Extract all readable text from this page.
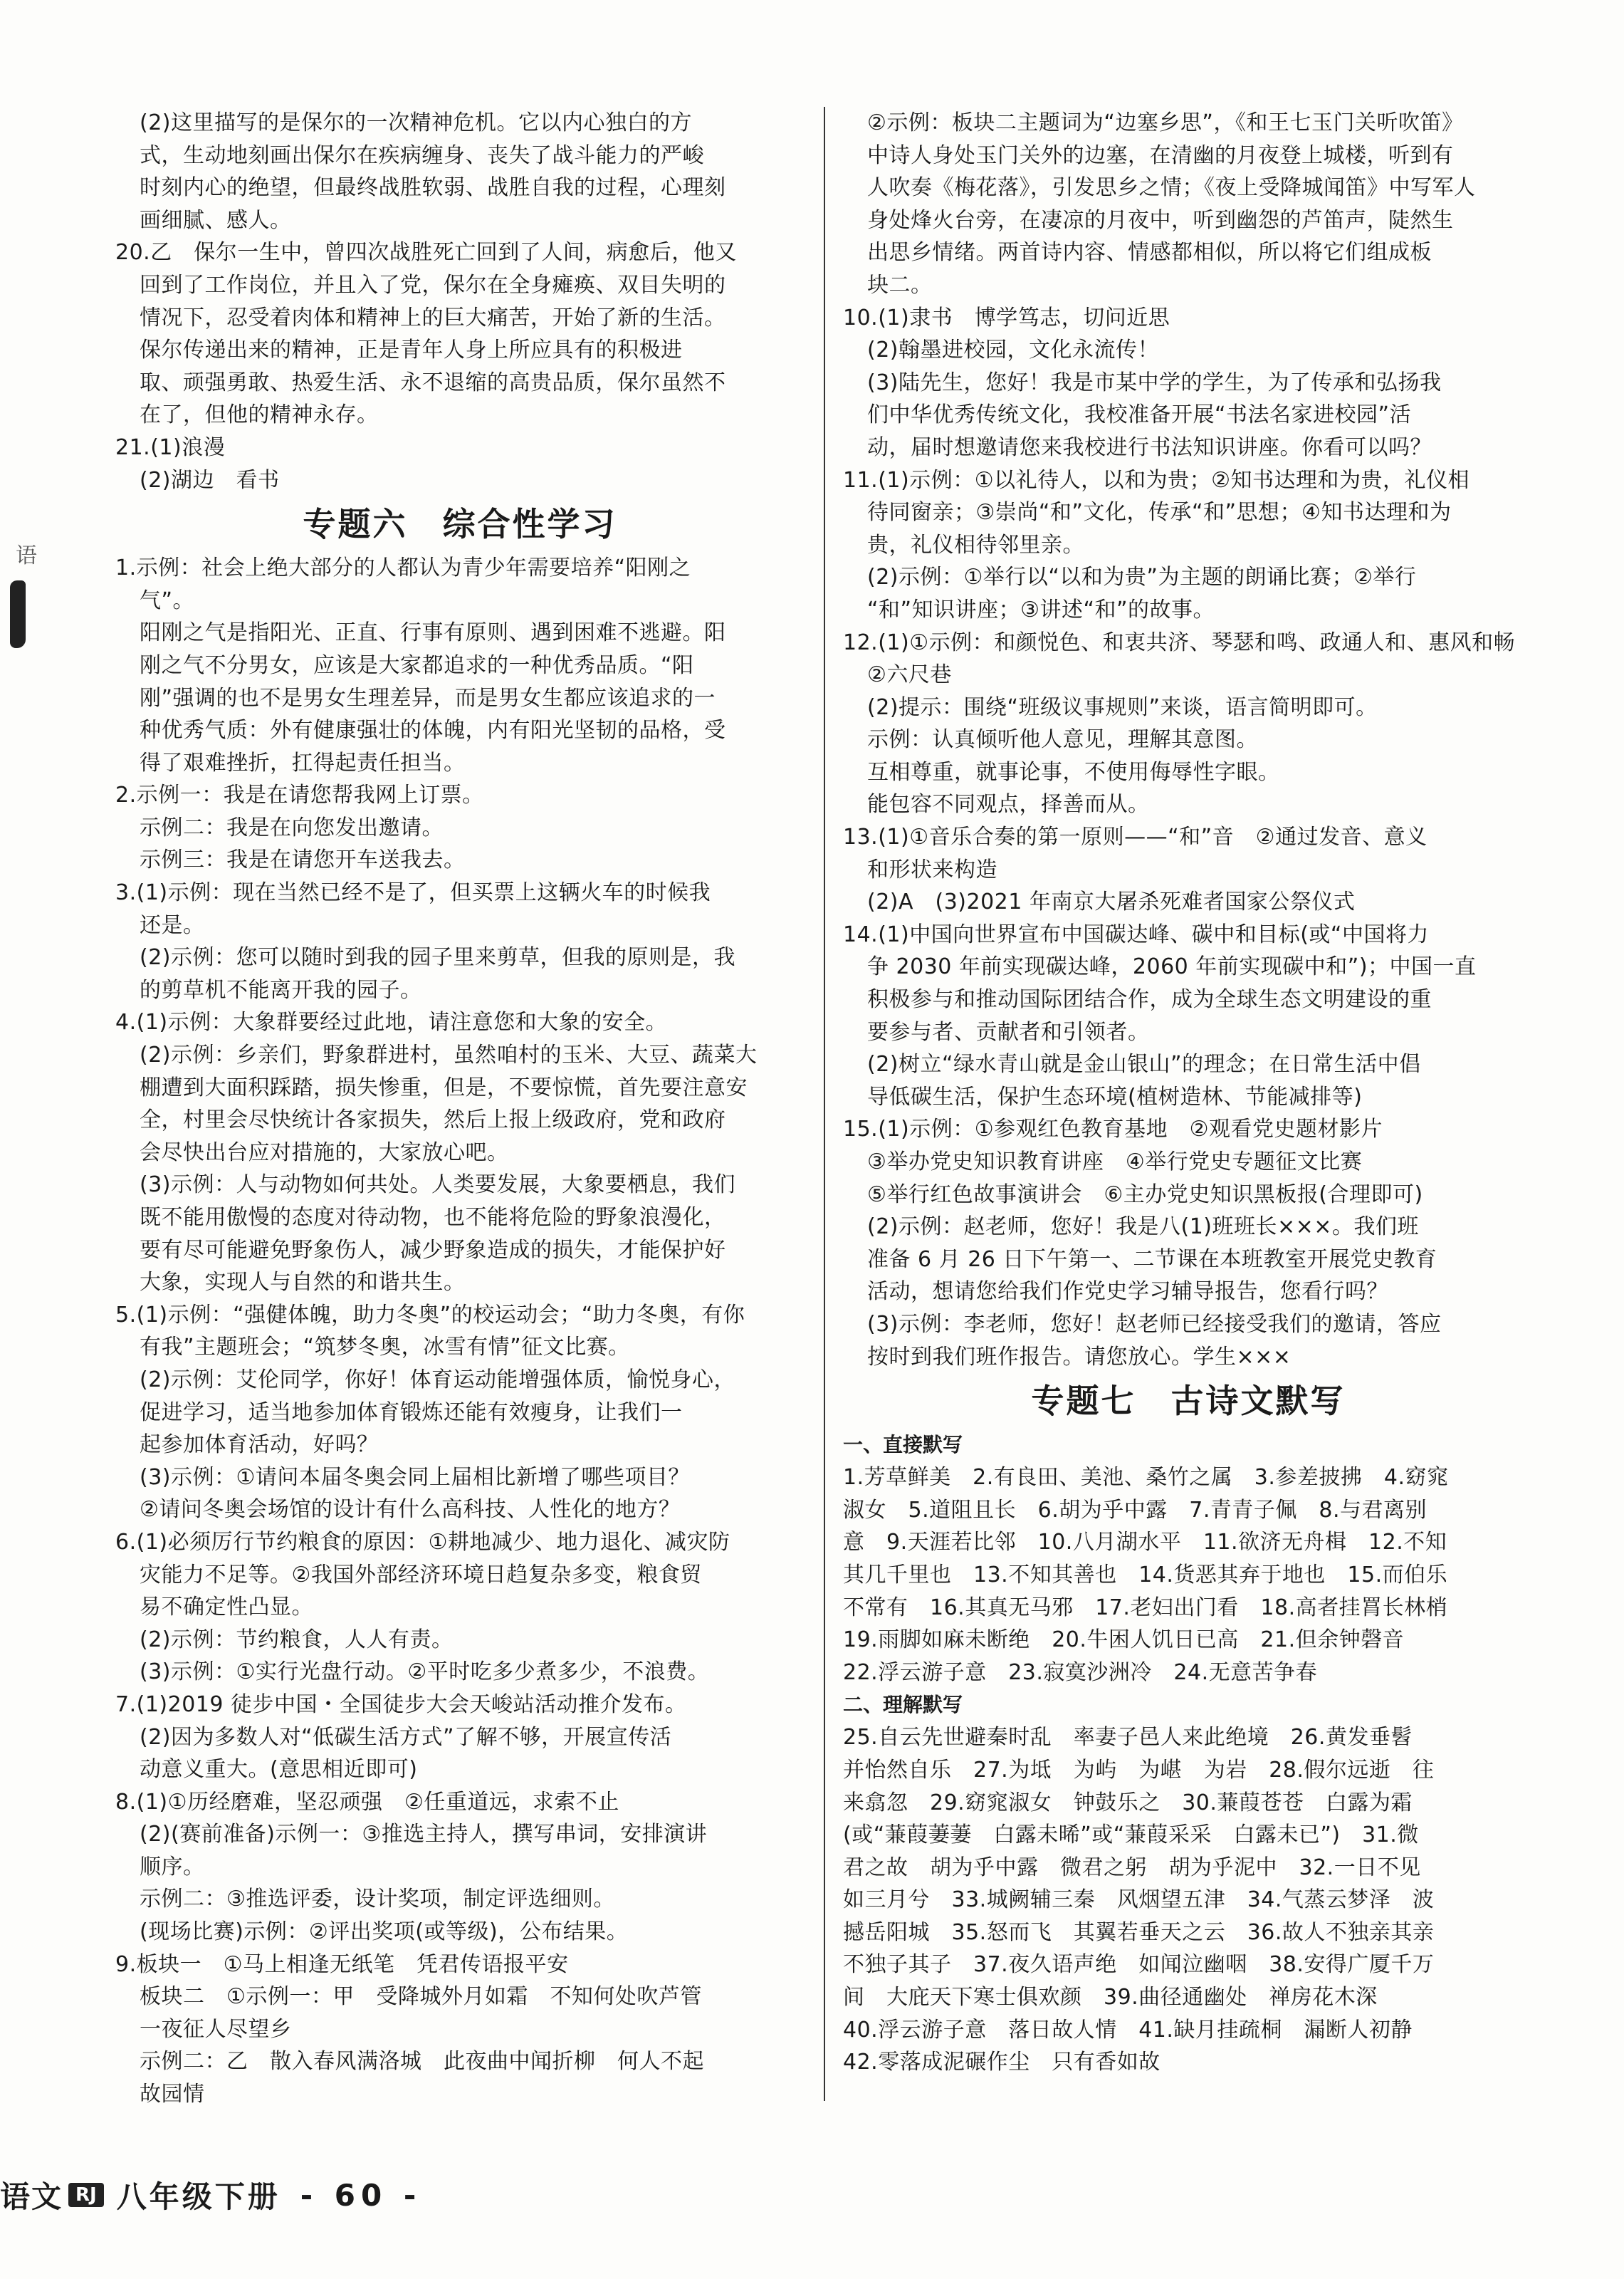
(2)这里描写的是保尔的一次精神危机。它以内心独白的方
式，生动地刻画出保尔在疾病缠身、丧失了战斗能力的严峻
时刻内心的绝望，但最终战胜软弱、战胜自我的过程，心理刻
画细腻、感人。
20.乙　保尔一生中，曾四次战胜死亡回到了人间，病愈后，他又
回到了工作岗位，并且入了党，保尔在全身瘫痪、双目失明的
情况下，忍受着肉体和精神上的巨大痛苦，开始了新的生活。
保尔传递出来的精神，正是青年人身上所应具有的积极进
取、顽强勇敢、热爱生活、永不退缩的高贵品质，保尔虽然不
在了，但他的精神永存。
21.(1)浪漫
(2)湖边　看书
专题六　综合性学习
1.示例：社会上绝大部分的人都认为青少年需要培养“阳刚之
气”。
阳刚之气是指阳光、正直、行事有原则、遇到困难不逃避。阳
刚之气不分男女，应该是大家都追求的一种优秀品质。“阳
刚”强调的也不是男女生理差异，而是男女生都应该追求的一
种优秀气质：外有健康强壮的体魄，内有阳光坚韧的品格，受
得了艰难挫折，扛得起责任担当。
2.示例一：我是在请您帮我网上订票。
示例二：我是在向您发出邀请。
示例三：我是在请您开车送我去。
3.(1)示例：现在当然已经不是了，但买票上这辆火车的时候我
还是。
(2)示例：您可以随时到我的园子里来剪草，但我的原则是，我
的剪草机不能离开我的园子。
4.(1)示例：大象群要经过此地，请注意您和大象的安全。
(2)示例：乡亲们，野象群进村，虽然咱村的玉米、大豆、蔬菜大
棚遭到大面积踩踏，损失惨重，但是，不要惊慌，首先要注意安
全，村里会尽快统计各家损失，然后上报上级政府，党和政府
会尽快出台应对措施的，大家放心吧。
(3)示例：人与动物如何共处。人类要发展，大象要栖息，我们
既不能用傲慢的态度对待动物，也不能将危险的野象浪漫化，
要有尽可能避免野象伤人，减少野象造成的损失，才能保护好
大象，实现人与自然的和谐共生。
5.(1)示例：“强健体魄，助力冬奥”的校运动会；“助力冬奥，有你
有我”主题班会；“筑梦冬奥，冰雪有情”征文比赛。
(2)示例：艾伦同学，你好！体育运动能增强体质，愉悦身心，
促进学习，适当地参加体育锻炼还能有效瘦身，让我们一
起参加体育活动，好吗？
(3)示例：①请问本届冬奥会同上届相比新增了哪些项目？
②请问冬奥会场馆的设计有什么高科技、人性化的地方？
6.(1)必须厉行节约粮食的原因：①耕地减少、地力退化、减灾防
灾能力不足等。②我国外部经济环境日趋复杂多变，粮食贸
易不确定性凸显。
(2)示例：节约粮食，人人有责。
(3)示例：①实行光盘行动。②平时吃多少煮多少，不浪费。
7.(1)2019 徒步中国・全国徒步大会天峻站活动推介发布。
(2)因为多数人对“低碳生活方式”了解不够，开展宣传活
动意义重大。(意思相近即可)
8.(1)①历经磨难，坚忍顽强　②任重道远，求索不止
(2)(赛前准备)示例一：③推选主持人，撰写串词，安排演讲
顺序。
示例二：③推选评委，设计奖项，制定评选细则。
(现场比赛)示例：②评出奖项(或等级)，公布结果。
9.板块一　①马上相逢无纸笔　凭君传语报平安
板块二　①示例一：甲　受降城外月如霜　不知何处吹芦管
一夜征人尽望乡
示例二：乙　散入春风满洛城　此夜曲中闻折柳　何人不起
故园情
②示例：板块二主题词为“边塞乡思”，《和王七玉门关听吹笛》
中诗人身处玉门关外的边塞，在清幽的月夜登上城楼，听到有
人吹奏《梅花落》，引发思乡之情；《夜上受降城闻笛》中写军人
身处烽火台旁，在凄凉的月夜中，听到幽怨的芦笛声，陡然生
出思乡情绪。两首诗内容、情感都相似，所以将它们组成板
块二。
10.(1)隶书　博学笃志，切问近思
(2)翰墨进校园，文化永流传！
(3)陆先生，您好！我是市某中学的学生，为了传承和弘扬我
们中华优秀传统文化，我校准备开展“书法名家进校园”活
动，届时想邀请您来我校进行书法知识讲座。你看可以吗？
11.(1)示例：①以礼待人，以和为贵；②知书达理和为贵，礼仪相
待同窗亲；③崇尚“和”文化，传承“和”思想；④知书达理和为
贵，礼仪相待邻里亲。
(2)示例：①举行以“以和为贵”为主题的朗诵比赛；②举行
“和”知识讲座；③讲述“和”的故事。
12.(1)①示例：和颜悦色、和衷共济、琴瑟和鸣、政通人和、惠风和畅
②六尺巷
(2)提示：围绕“班级议事规则”来谈，语言简明即可。
示例：认真倾听他人意见，理解其意图。
互相尊重，就事论事，不使用侮辱性字眼。
能包容不同观点，择善而从。
13.(1)①音乐合奏的第一原则——“和”音　②通过发音、意义
和形状来构造
(2)A　(3)2021 年南京大屠杀死难者国家公祭仪式
14.(1)中国向世界宣布中国碳达峰、碳中和目标(或“中国将力
争 2030 年前实现碳达峰，2060 年前实现碳中和”)；中国一直
积极参与和推动国际团结合作，成为全球生态文明建设的重
要参与者、贡献者和引领者。
(2)树立“绿水青山就是金山银山”的理念；在日常生活中倡
导低碳生活，保护生态环境(植树造林、节能减排等)
15.(1)示例：①参观红色教育基地　②观看党史题材影片
③举办党史知识教育讲座　④举行党史专题征文比赛
⑤举行红色故事演讲会　⑥主办党史知识黑板报(合理即可)
(2)示例：赵老师，您好！我是八(1)班班长×××。我们班
准备 6 月 26 日下午第一、二节课在本班教室开展党史教育
活动，想请您给我们作党史学习辅导报告，您看行吗？
(3)示例：李老师，您好！赵老师已经接受我们的邀请，答应
按时到我们班作报告。请您放心。学生×××
专题七　古诗文默写
一、直接默写
1.芳草鲜美　2.有良田、美池、桑竹之属　3.参差披拂　4.窈窕
淑女　5.道阻且长　6.胡为乎中露　7.青青子佩　8.与君离别
意　9.天涯若比邻　10.八月湖水平　11.欲济无舟楫　12.不知
其几千里也　13.不知其善也　14.货恶其弃于地也　15.而伯乐
不常有　16.其真无马邪　17.老妇出门看　18.高者挂罥长林梢
19.雨脚如麻未断绝　20.牛困人饥日已高　21.但余钟磬音
22.浮云游子意　23.寂寞沙洲冷　24.无意苦争春
二、理解默写
25.自云先世避秦时乱　率妻子邑人来此绝境　26.黄发垂髫
并怡然自乐　27.为坻　为屿　为嵁　为岩　28.假尔远逝　往
来翕忽　29.窈窕淑女　钟鼓乐之　30.蒹葭苍苍　白露为霜
(或“蒹葭萋萋　白露未晞”或“蒹葭采采　白露未已”)　31.微
君之故　胡为乎中露　微君之躬　胡为乎泥中　32.一日不见
如三月兮　33.城阙辅三秦　风烟望五津　34.气蒸云梦泽　波
撼岳阳城　35.怒而飞　其翼若垂天之云　36.故人不独亲其亲
不独子其子　37.夜久语声绝　如闻泣幽咽　38.安得广厦千万
间　大庇天下寒士俱欢颜　39.曲径通幽处　禅房花木深
40.浮云游子意　落日故人情　41.缺月挂疏桐　漏断人初静
42.零落成泥碾作尘　只有香如故
语
语文 RJ 八年级下册 - 60 -
